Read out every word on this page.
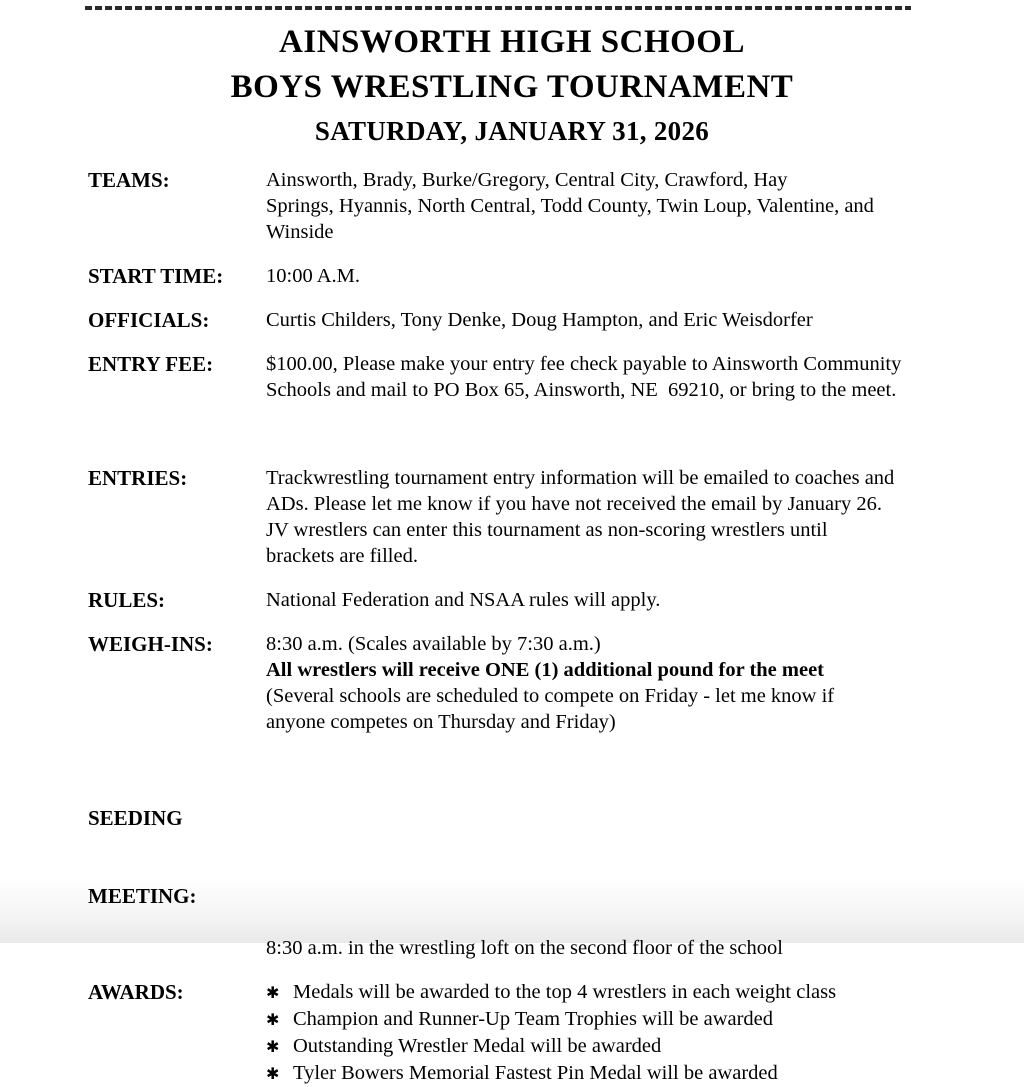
AINSWORTH HIGH SCHOOL
BOYS WRESTLING TOURNAMENT
SATURDAY, JANUARY 31, 2026
TEAMS:	Ainsworth, Brady, Burke/Gregory, Central City, Crawford, Hay
Springs, Hyannis, North Central, Todd County, Twin Loup, Valentine, and
Winside
START TIME:	10:00 A.M.
OFFICIALS:	Curtis Childers, Tony Denke, Doug Hampton, and Eric Weisdorfer
ENTRY FEE:	$100.00, Please make your entry fee check payable to Ainsworth Community
Schools and mail to PO Box 65, Ainsworth, NE  69210, or bring to the meet.
ENTRIES:	Trackwrestling tournament entry information will be emailed to coaches and
ADs. Please let me know if you have not received the email by January 26.
JV wrestlers can enter this tournament as non-scoring wrestlers until
brackets are filled.
RULES:	National Federation and NSAA rules will apply.
WEIGH-INS:	8:30 a.m. (Scales available by 7:30 a.m.)
All wrestlers will receive ONE (1) additional pound for the meet
(Several schools are scheduled to compete on Friday - let me know if
anyone competes on Thursday and Friday)

SEEDING

MEETING:

8:30 a.m. in the wrestling loft on the second floor of the school
AWARDS:	✱ Medals will be awarded to the top 4 wrestlers in each weight class
✱ Champion and Runner-Up Team Trophies will be awarded
✱ Outstanding Wrestler Medal will be awarded
✱ Tyler Bowers Memorial Fastest Pin Medal will be awarded
